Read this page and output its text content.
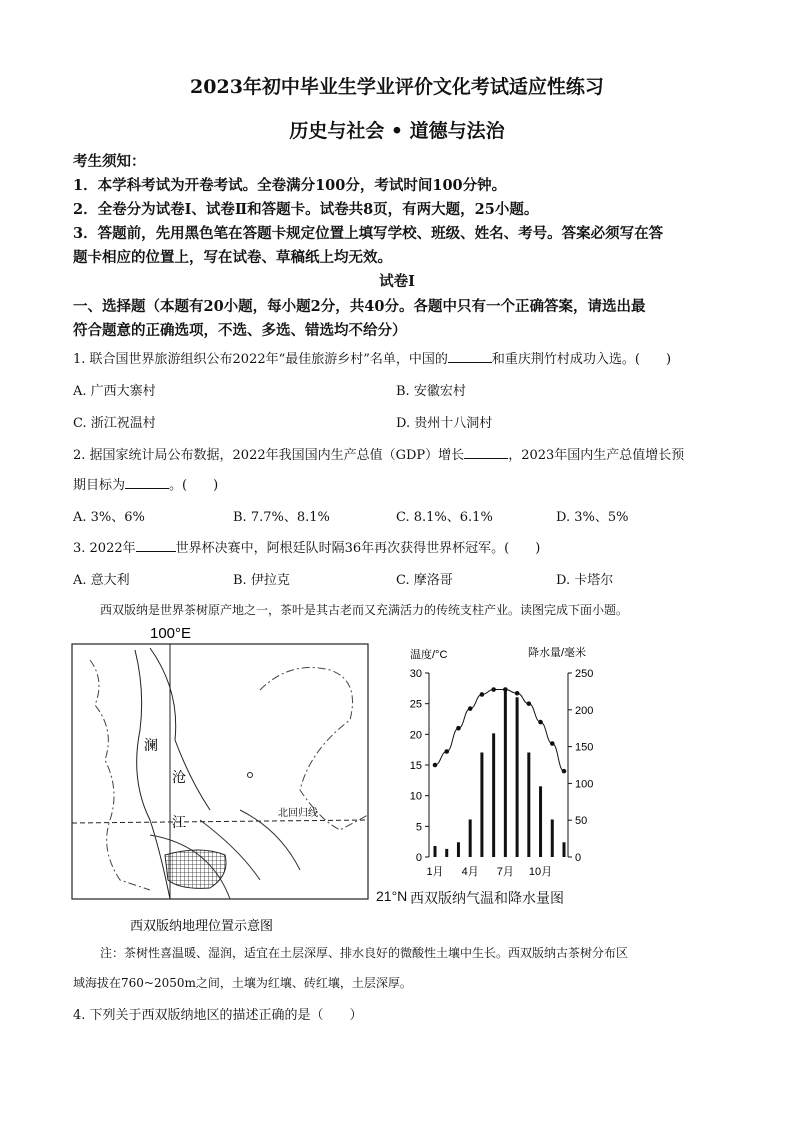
2023年初中毕业生学业评价文化考试适应性练习
历史与社会 • 道德与法治
考生须知：
1．本学科考试为开卷考试。全卷满分100分，考试时间100分钟。
2．全卷分为试卷Ⅰ、试卷Ⅱ和答题卡。试卷共8页，有两大题，25小题。
3．答题前，先用黑色笔在答题卡规定位置上填写学校、班级、姓名、考号。答案必须写在答
题卡相应的位置上，写在试卷、草稿纸上均无效。
试卷Ⅰ
一、选择题（本题有20小题，每小题2分，共40分。各题中只有一个正确答案，请选出最
符合题意的正确选项，不选、多选、错选均不给分）
1. 联合国世界旅游组织公布2022年“最佳旅游乡村”名单，中国的	和重庆荆竹村成功入选。(　　)
A. 广西大寨村	B. 安徽宏村
C. 浙江祝温村	D. 贵州十八洞村
2. 据国家统计局公布数据，2022年我国国内生产总值（GDP）增长	，2023年国内生产总值增长预
期目标为	。(　　)
A. 3%、6%	B. 7.7%、8.1%	C. 8.1%、6.1%	D. 3%、5%
3. 2022年	世界杯决赛中，阿根廷队时隔36年再次获得世界杯冠军。(　　)
A. 意大利	B. 伊拉克	C. 摩洛哥	D. 卡塔尔
西双版纳是世界茶树原产地之一，茶叶是其古老而又充满活力的传统支柱产业。读图完成下面小题。
100°E
澜
沧
江
北回归线
西双版纳地理位置示意图
21°N 西双版纳气温和降水量图
温度/°C	降水量/毫米
0
5
10
15
20
25
30
0
50
100
150
200
250
1月 4月 7月 10月
注：茶树性喜温暖、湿润，适宜在土层深厚、排水良好的微酸性土壤中生长。西双版纳古茶树分布区
域海拔在760~2050m之间，土壤为红壤、砖红壤，土层深厚。
4. 下列关于西双版纳地区的描述正确的是（　　）
